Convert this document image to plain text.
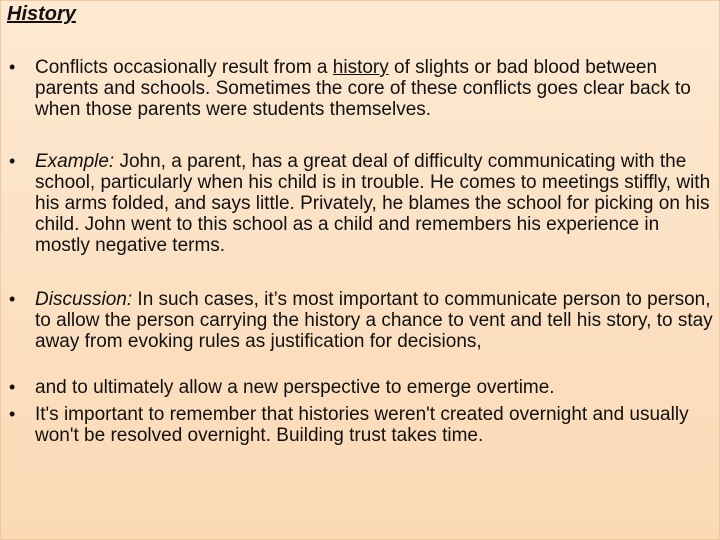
History
• Conflicts occasionally result from a history of slights or bad blood between parents and schools. Sometimes the core of these conflicts goes clear back to when those parents were students themselves.

• Example: John, a parent, has a great deal of difficulty communicating with the school, particularly when his child is in trouble. He comes to meetings stiffly, with his arms folded, and says little. Privately, he blames the school for picking on his child. John went to this school as a child and remembers his experience in mostly negative terms.

• Discussion: In such cases, it’s most important to communicate person to person, to allow the person carrying the history a chance to vent and tell his story, to stay away from evoking rules as justification for decisions,

• and to ultimately allow a new perspective to emerge overtime.

• It's important to remember that histories weren't created overnight and usually won't be resolved overnight. Building trust takes time.
